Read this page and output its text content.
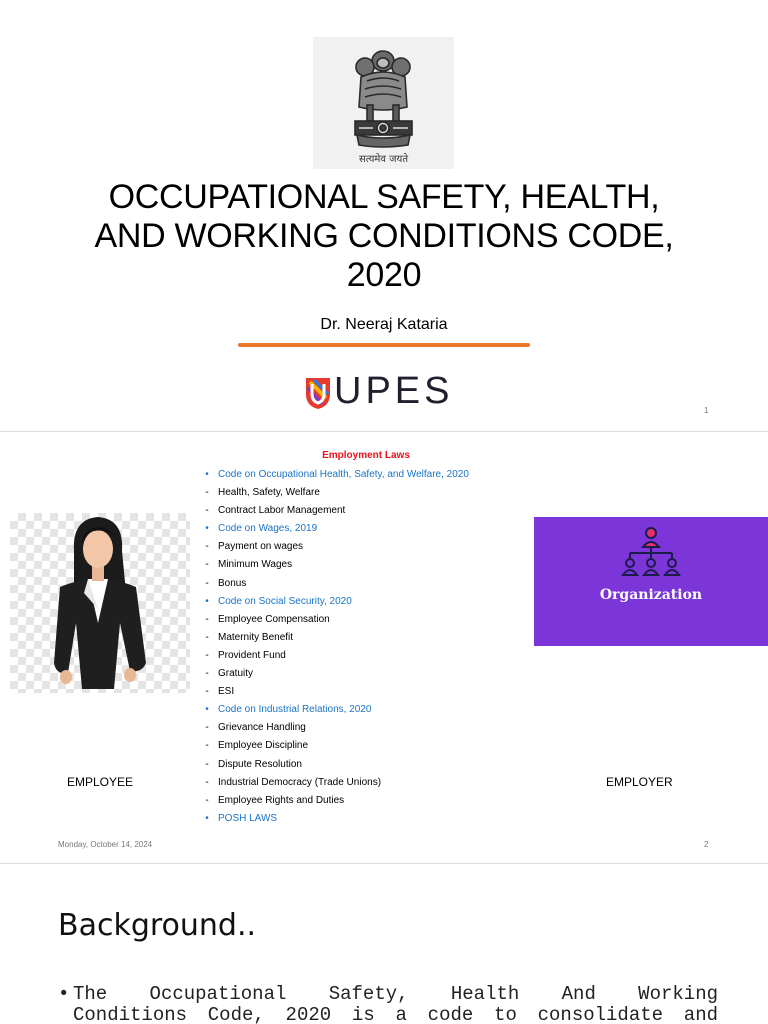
सत्यमेव जयते
OCCUPATIONAL SAFETY, HEALTH,
AND WORKING CONDITIONS CODE,
2020
Dr. Neeraj Kataria
UPES	1
Employment Laws
• Code on Occupational Health, Safety, and Welfare, 2020
- Health, Safety, Welfare
- Contract Labor Management
• Code on Wages, 2019
- Payment on wages
- Minimum Wages
- Bonus
• Code on Social Security, 2020
- Employee Compensation
- Maternity Benefit
- Provident Fund
- Gratuity
- ESI
• Code on Industrial Relations, 2020
- Grievance Handling
- Employee Discipline
- Dispute Resolution
- Industrial Democracy (Trade Unions)
- Employee Rights and Duties
• POSH LAWS
EMPLOYEE	EMPLOYER
Organization
Monday, October 14, 2024	2
Background..
• The Occupational Safety, Health And Working
Conditions Code, 2020 is a code to consolidate and
